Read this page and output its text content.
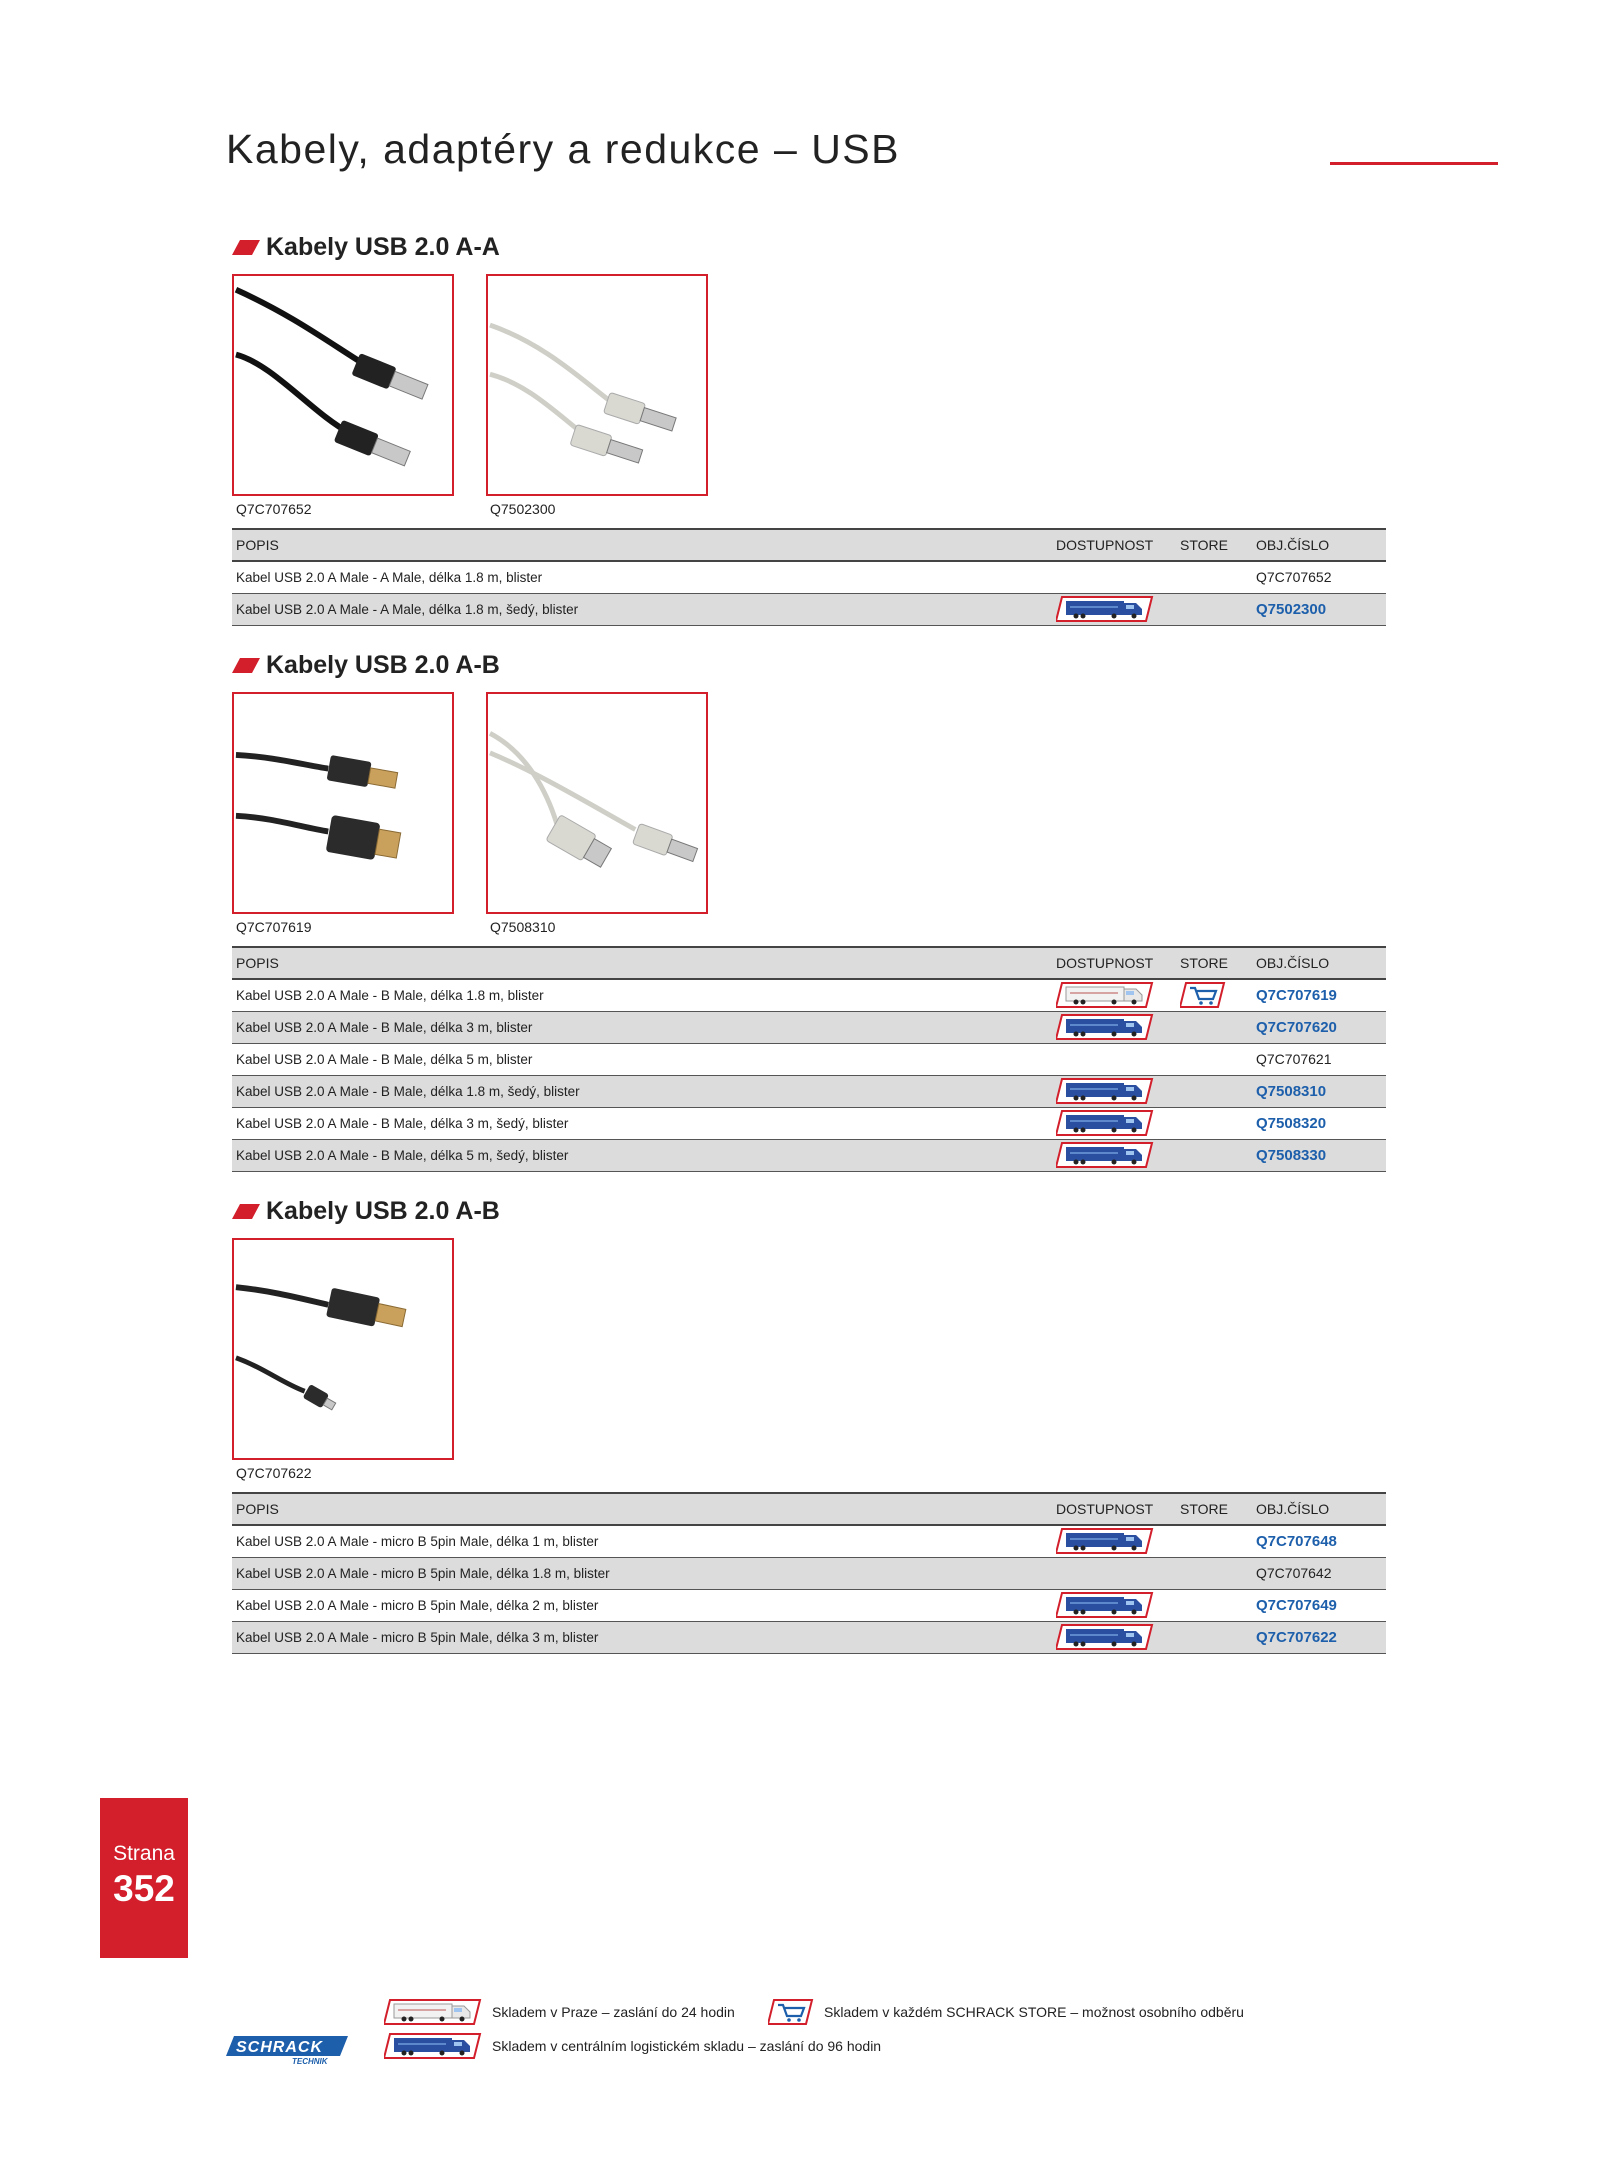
Kabely, adaptéry a redukce – USB
Kabely USB 2.0 A-A
Q7C707652	Q7502300
POPIS	DOSTUPNOST	STORE	OBJ.ČÍSLO
Kabel USB 2.0 A Male - A Male, délka 1.8 m, blister			Q7C707652
Kabel USB 2.0 A Male - A Male, délka 1.8 m, šedý, blister			Q7502300
Kabely USB 2.0 A-B
Q7C707619	Q7508310
POPIS	DOSTUPNOST	STORE	OBJ.ČÍSLO
Kabel USB 2.0 A Male - B Male, délka 1.8 m, blister			Q7C707619
Kabel USB 2.0 A Male - B Male, délka 3 m, blister			Q7C707620
Kabel USB 2.0 A Male - B Male, délka 5 m, blister			Q7C707621
Kabel USB 2.0 A Male - B Male, délka 1.8 m, šedý, blister			Q7508310
Kabel USB 2.0 A Male - B Male, délka 3 m, šedý, blister			Q7508320
Kabel USB 2.0 A Male - B Male, délka 5 m, šedý, blister			Q7508330
Kabely USB 2.0 A-B
Q7C707622
POPIS	DOSTUPNOST	STORE	OBJ.ČÍSLO
Kabel USB 2.0 A Male - micro B 5pin Male, délka 1 m, blister			Q7C707648
Kabel USB 2.0 A Male - micro B 5pin Male, délka 1.8 m, blister			Q7C707642
Kabel USB 2.0 A Male - micro B 5pin Male, délka 2 m, blister			Q7C707649
Kabel USB 2.0 A Male - micro B 5pin Male, délka 3 m, blister			Q7C707622
Strana
352
Skladem v Praze – zaslání do 24 hodin	Skladem v každém SCHRACK STORE – možnost osobního odběru
Skladem v centrálním logistickém skladu – zaslání do 96 hodin
SCHRACK
TECHNIK
